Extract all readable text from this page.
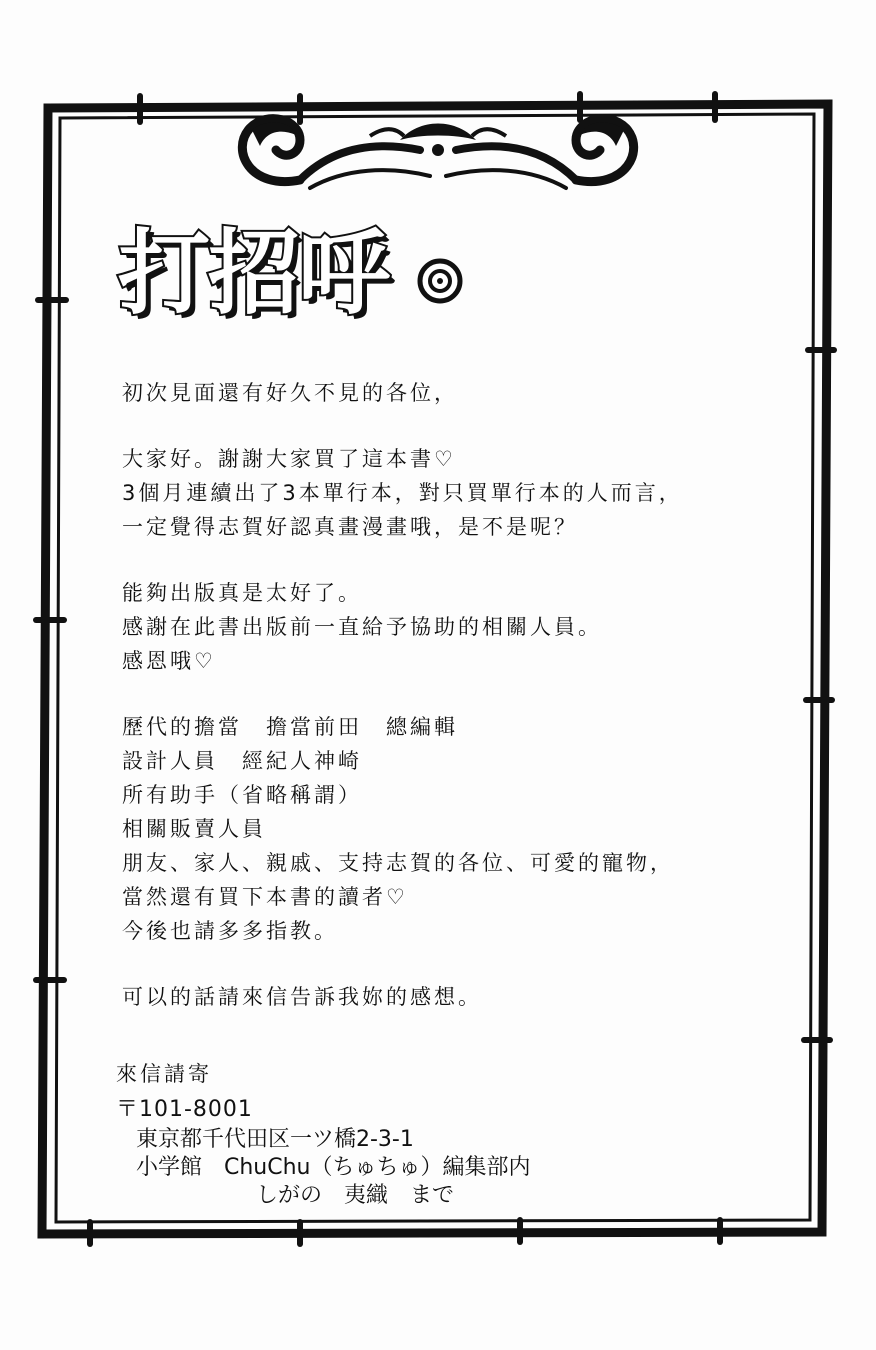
打招呼
初次見面還有好久不見的各位，
大家好。謝謝大家買了這本書♡
3個月連續出了3本單行本，對只買單行本的人而言，
一定覺得志賀好認真畫漫畫哦，是不是呢？
能夠出版真是太好了。
感謝在此書出版前一直給予協助的相關人員。
感恩哦♡
歷代的擔當　擔當前田　總編輯
設計人員　經紀人神崎
所有助手（省略稱謂）
相關販賣人員
朋友、家人、親戚、支持志賀的各位、可愛的寵物，
當然還有買下本書的讀者♡
今後也請多多指教。
可以的話請來信告訴我妳的感想。
來信請寄
〒101-8001
東京都千代田区一ツ橋2-3-1
小学館　ChuChu（ちゅちゅ）編集部内
しがの　夷織　まで
